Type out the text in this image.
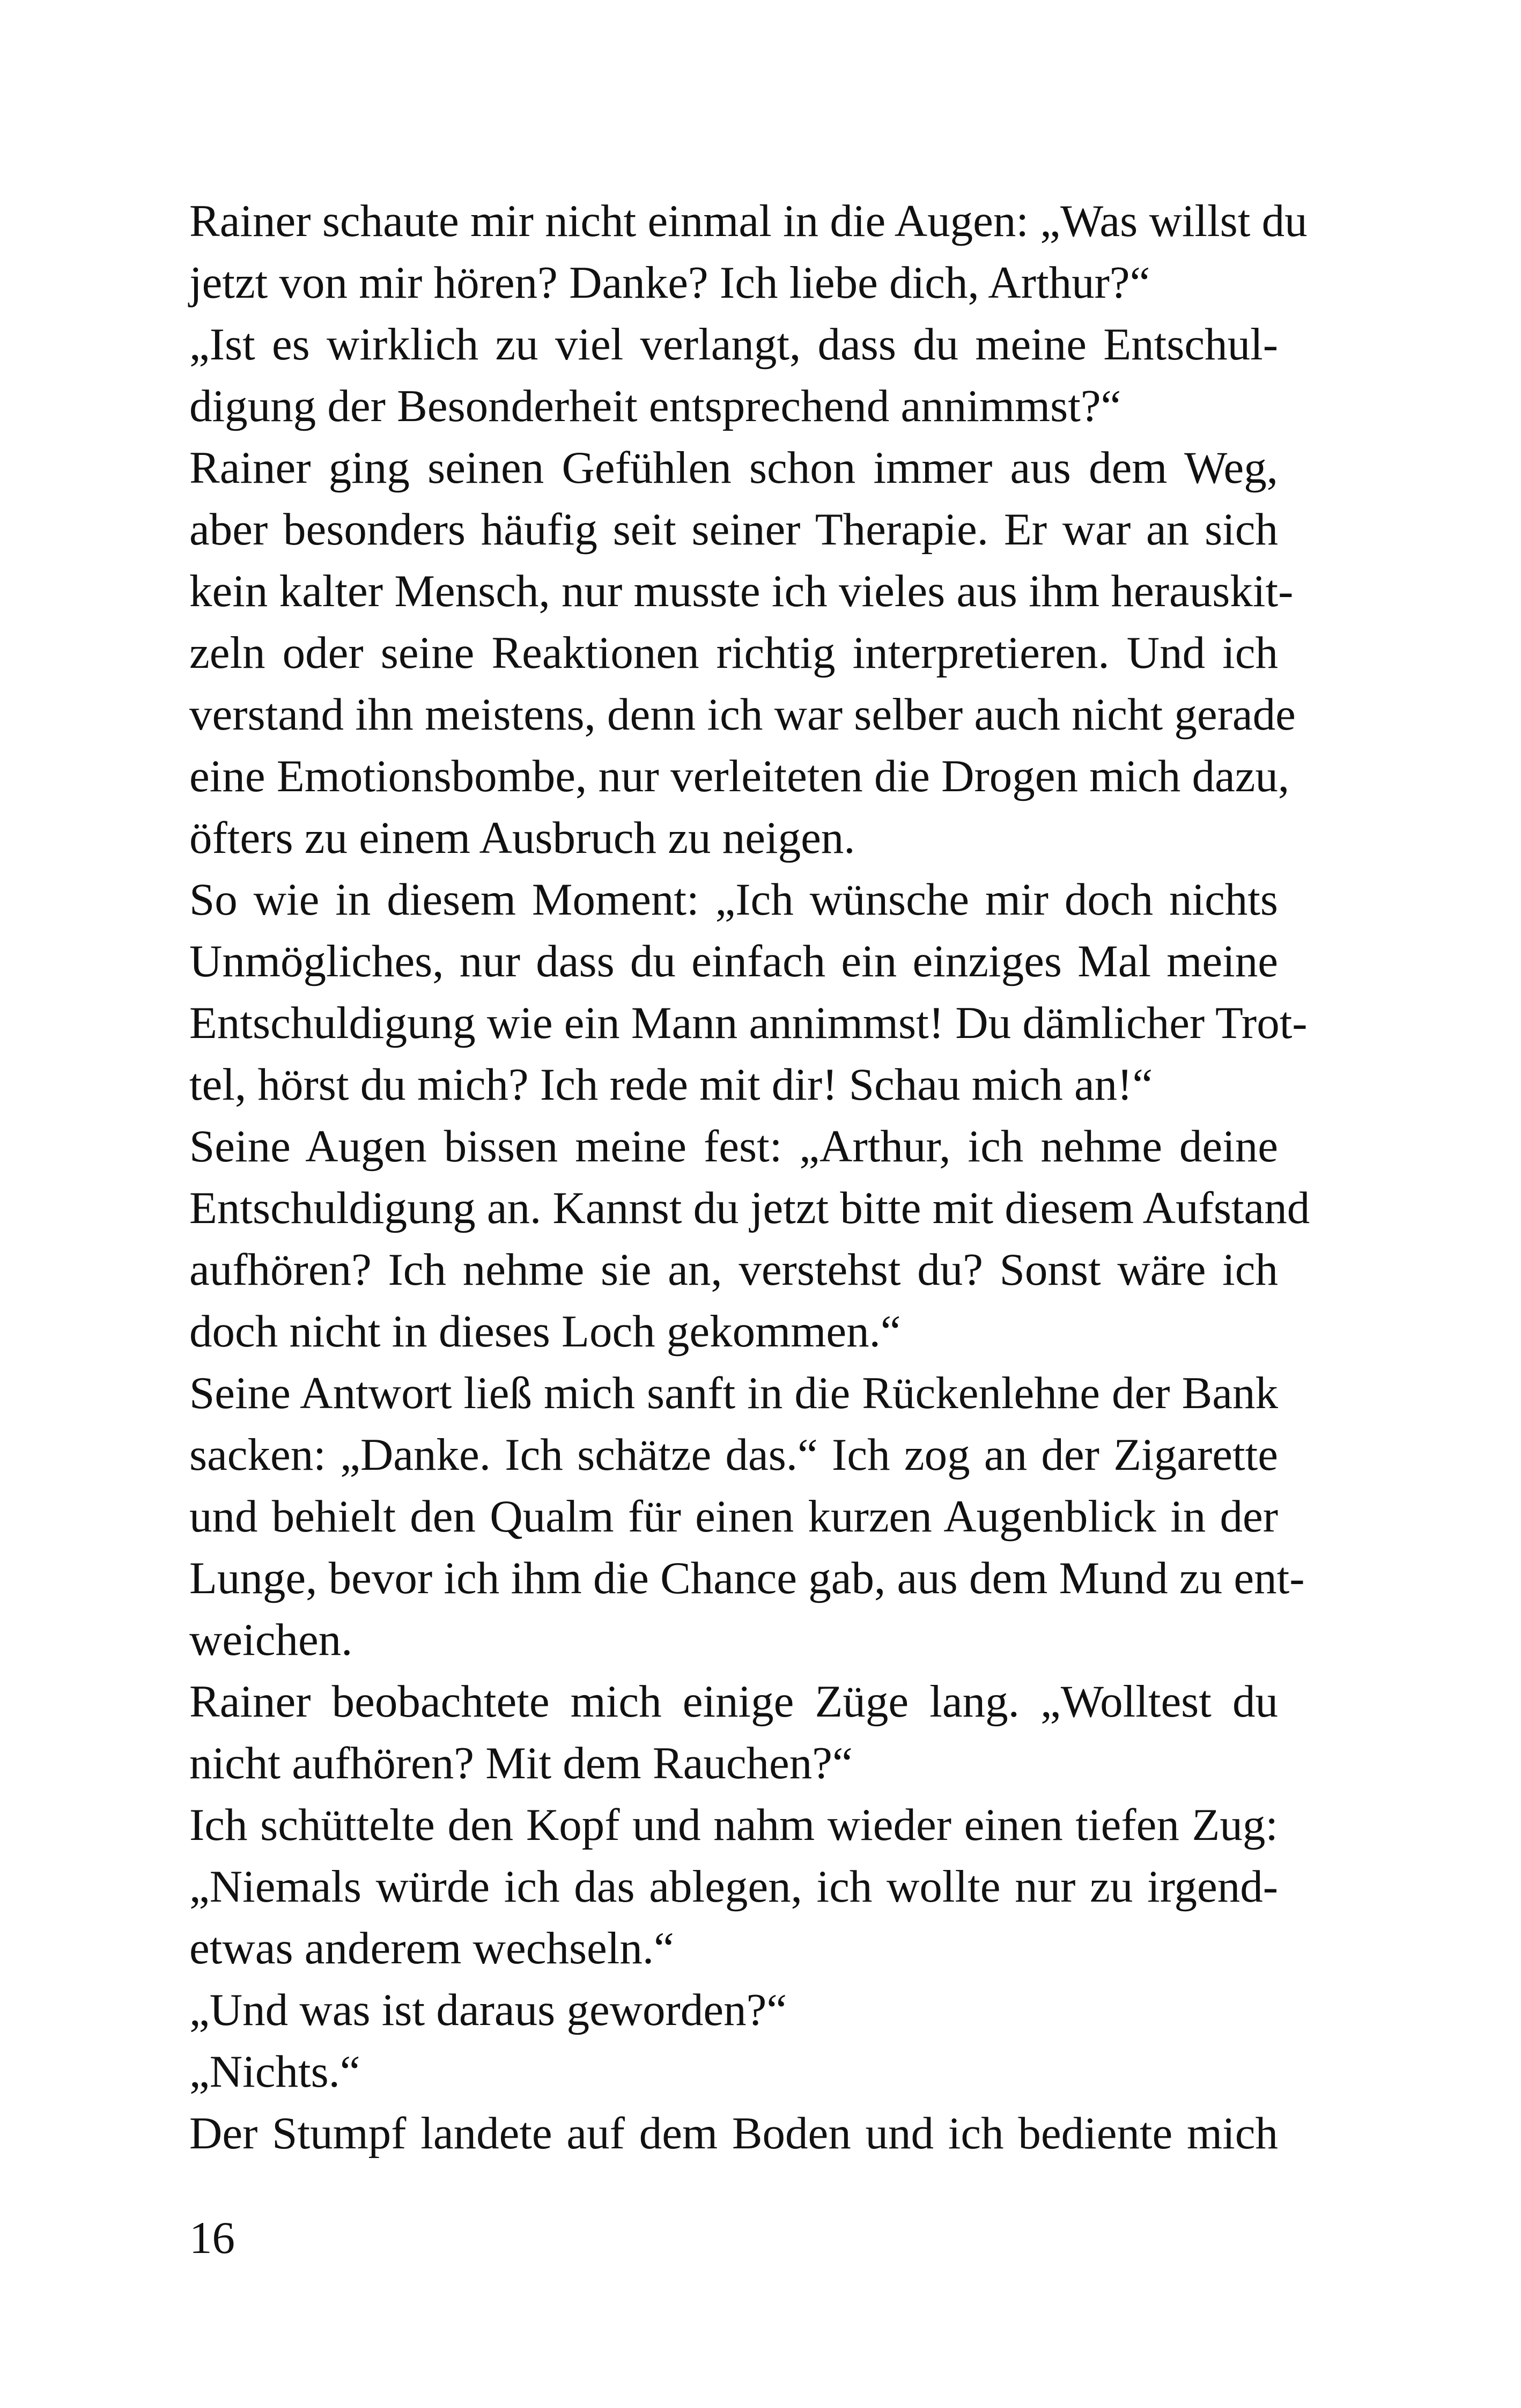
Rainer schaute mir nicht einmal in die Augen: „Was willst du
jetzt von mir hören? Danke? Ich liebe dich, Arthur?“
„Ist es wirklich zu viel verlangt, dass du meine Entschul-
digung der Besonderheit entsprechend annimmst?“
Rainer ging seinen Gefühlen schon immer aus dem Weg,
aber besonders häufig seit seiner Therapie. Er war an sich
kein kalter Mensch, nur musste ich vieles aus ihm herauskit-
zeln oder seine Reaktionen richtig interpretieren. Und ich
verstand ihn meistens, denn ich war selber auch nicht gerade
eine Emotionsbombe, nur verleiteten die Drogen mich dazu,
öfters zu einem Ausbruch zu neigen.
So wie in diesem Moment: „Ich wünsche mir doch nichts
Unmögliches, nur dass du einfach ein einziges Mal meine
Entschuldigung wie ein Mann annimmst! Du dämlicher Trot-
tel, hörst du mich? Ich rede mit dir! Schau mich an!“
Seine Augen bissen meine fest: „Arthur, ich nehme deine
Entschuldigung an. Kannst du jetzt bitte mit diesem Aufstand
aufhören? Ich nehme sie an, verstehst du? Sonst wäre ich
doch nicht in dieses Loch gekommen.“
Seine Antwort ließ mich sanft in die Rückenlehne der Bank
sacken: „Danke. Ich schätze das.“ Ich zog an der Zigarette
und behielt den Qualm für einen kurzen Augenblick in der
Lunge, bevor ich ihm die Chance gab, aus dem Mund zu ent-
weichen.
Rainer beobachtete mich einige Züge lang. „Wolltest du
nicht aufhören? Mit dem Rauchen?“
Ich schüttelte den Kopf und nahm wieder einen tiefen Zug:
„Niemals würde ich das ablegen, ich wollte nur zu irgend-
etwas anderem wechseln.“
„Und was ist daraus geworden?“
„Nichts.“
Der Stumpf landete auf dem Boden und ich bediente mich
16
